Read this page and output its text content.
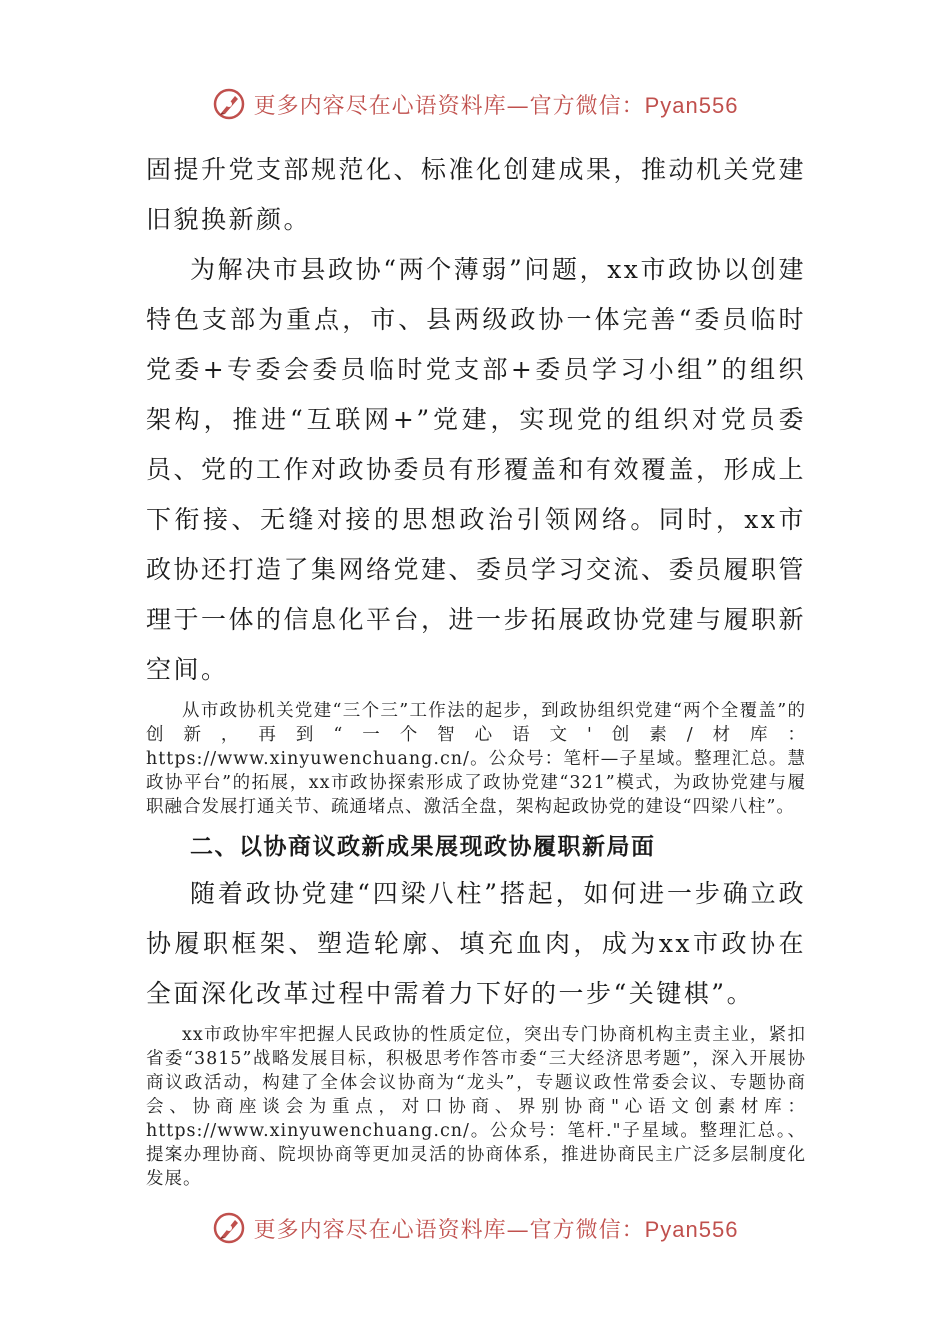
更多内容尽在心语资料库—官方微信：Pyan556

固提升党支部规范化、标准化创建成果，推动机关党建旧貌换新颜。

为解决市县政协“两个薄弱”问题，xx市政协以创建特色支部为重点，市、县两级政协一体完善“委员临时党委+专委会委员临时党支部+委员学习小组”的组织架构，推进“互联网+”党建，实现党的组织对党员委员、党的工作对政协委员有形覆盖和有效覆盖，形成上下衔接、无缝对接的思想政治引领网络。同时，xx市政协还打造了集网络党建、委员学习交流、委员履职管理于一体的信息化平台，进一步拓展政协党建与履职新空间。

从市政协机关党建“三个三”工作法的起步，到政协组织党建“两个全覆盖”的创新，再到“一个智心语文'创素/材库：https://www.xinyuwenchuang.cn/。公众号：笔杆—子星域。整理汇总。慧政协平台”的拓展，xx市政协探索形成了政协党建“321”模式，为政协党建与履职融合发展打通关节、疏通堵点、激活全盘，架构起政协党的建设“四梁八柱”。

二、以协商议政新成果展现政协履职新局面

随着政协党建“四梁八柱”搭起，如何进一步确立政协履职框架、塑造轮廓、填充血肉，成为xx市政协在全面深化改革过程中需着力下好的一步“关键棋”。

xx市政协牢牢把握人民政协的性质定位，突出专门协商机构主责主业，紧扣省委“3815”战略发展目标，积极思考作答市委“三大经济思考题”，深入开展协商议政活动，构建了全体会议协商为“龙头”，专题议政性常委会议、专题协商会、协商座谈会为重点，对口协商、界别协商"心语文创素材库：https://www.xinyuwenchuang.cn/。公众号：笔杆."子星域。整理汇总。、提案办理协商、院坝协商等更加灵活的协商体系，推进协商民主广泛多层制度化发展。

更多内容尽在心语资料库—官方微信：Pyan556
